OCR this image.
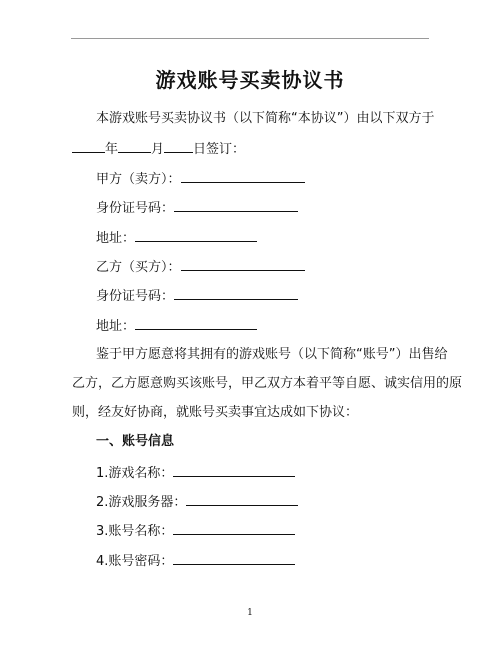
游戏账号买卖协议书
本游戏账号买卖协议书（以下简称“本协议”）由以下双方于
年	月 日签订：
甲方（卖方）：
身份证号码：
地址：
乙方（买方）：
身份证号码：
地址：
鉴于甲方愿意将其拥有的游戏账号（以下简称“账号”）出售给
乙方，乙方愿意购买该账号，甲乙双方本着平等自愿、诚实信用的原
则，经友好协商，就账号买卖事宜达成如下协议：
一、账号信息
1.游戏名称：
2.游戏服务器：
3.账号名称：
4.账号密码：
1
